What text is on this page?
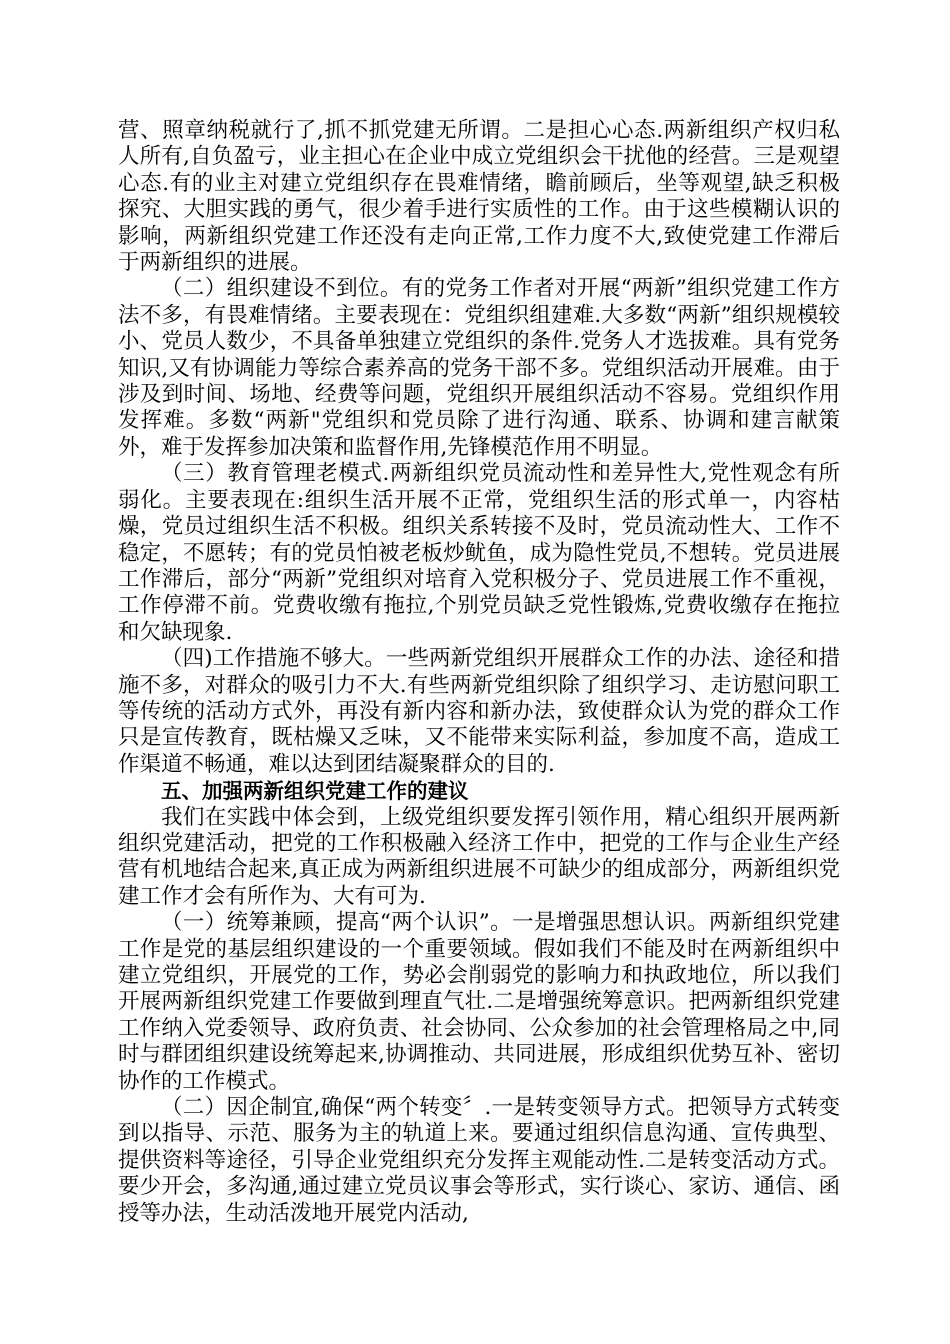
营、照章纳税就行了,抓不抓党建无所谓。二是担心心态.两新组织产权归私人所有,自负盈亏，业主担心在企业中成立党组织会干扰他的经营。三是观望心态.有的业主对建立党组织存在畏难情绪，瞻前顾后，坐等观望,缺乏积极探究、大胆实践的勇气，很少着手进行实质性的工作。由于这些模糊认识的影响，两新组织党建工作还没有走向正常,工作力度不大,致使党建工作滞后于两新组织的进展。

（二）组织建设不到位。有的党务工作者对开展“两新”组织党建工作方法不多，有畏难情绪。主要表现在：党组织组建难.大多数“两新”组织规模较小、党员人数少，不具备单独建立党组织的条件.党务人才选拔难。具有党务知识,又有协调能力等综合素养高的党务干部不多。党组织活动开展难。由于涉及到时间、场地、经费等问题，党组织开展组织活动不容易。党组织作用发挥难。多数“两新"党组织和党员除了进行沟通、联系、协调和建言献策外，难于发挥参加决策和监督作用,先锋模范作用不明显。

（三）教育管理老模式.两新组织党员流动性和差异性大,党性观念有所弱化。主要表现在:组织生活开展不正常，党组织生活的形式单一，内容枯燥，党员过组织生活不积极。组织关系转接不及时，党员流动性大、工作不稳定，不愿转；有的党员怕被老板炒鱿鱼，成为隐性党员,不想转。党员进展工作滞后，部分“两新”党组织对培育入党积极分子、党员进展工作不重视，工作停滞不前。党费收缴有拖拉,个别党员缺乏党性锻炼,党费收缴存在拖拉和欠缺现象.

（四)工作措施不够大。一些两新党组织开展群众工作的办法、途径和措施不多，对群众的吸引力不大.有些两新党组织除了组织学习、走访慰问职工等传统的活动方式外，再没有新内容和新办法，致使群众认为党的群众工作只是宣传教育，既枯燥又乏味，又不能带来实际利益，参加度不高，造成工作渠道不畅通，难以达到团结凝聚群众的目的.

五、加强两新组织党建工作的建议

我们在实践中体会到，上级党组织要发挥引领作用，精心组织开展两新组织党建活动，把党的工作积极融入经济工作中，把党的工作与企业生产经营有机地结合起来,真正成为两新组织进展不可缺少的组成部分，两新组织党建工作才会有所作为、大有可为.

（一）统筹兼顾，提高“两个认识”。一是增强思想认识。两新组织党建工作是党的基层组织建设的一个重要领域。假如我们不能及时在两新组织中建立党组织，开展党的工作，势必会削弱党的影响力和执政地位，所以我们开展两新组织党建工作要做到理直气壮.二是增强统筹意识。把两新组织党建工作纳入党委领导、政府负责、社会协同、公众参加的社会管理格局之中,同时与群团组织建设统筹起来,协调推动、共同进展，形成组织优势互补、密切协作的工作模式。

（二）因企制宜,确保“两个转变〞.一是转变领导方式。把领导方式转变到以指导、示范、服务为主的轨道上来。要通过组织信息沟通、宣传典型、提供资料等途径，引导企业党组织充分发挥主观能动性.二是转变活动方式。要少开会，多沟通,通过建立党员议事会等形式，实行谈心、家访、通信、函授等办法，生动活泼地开展党内活动,
